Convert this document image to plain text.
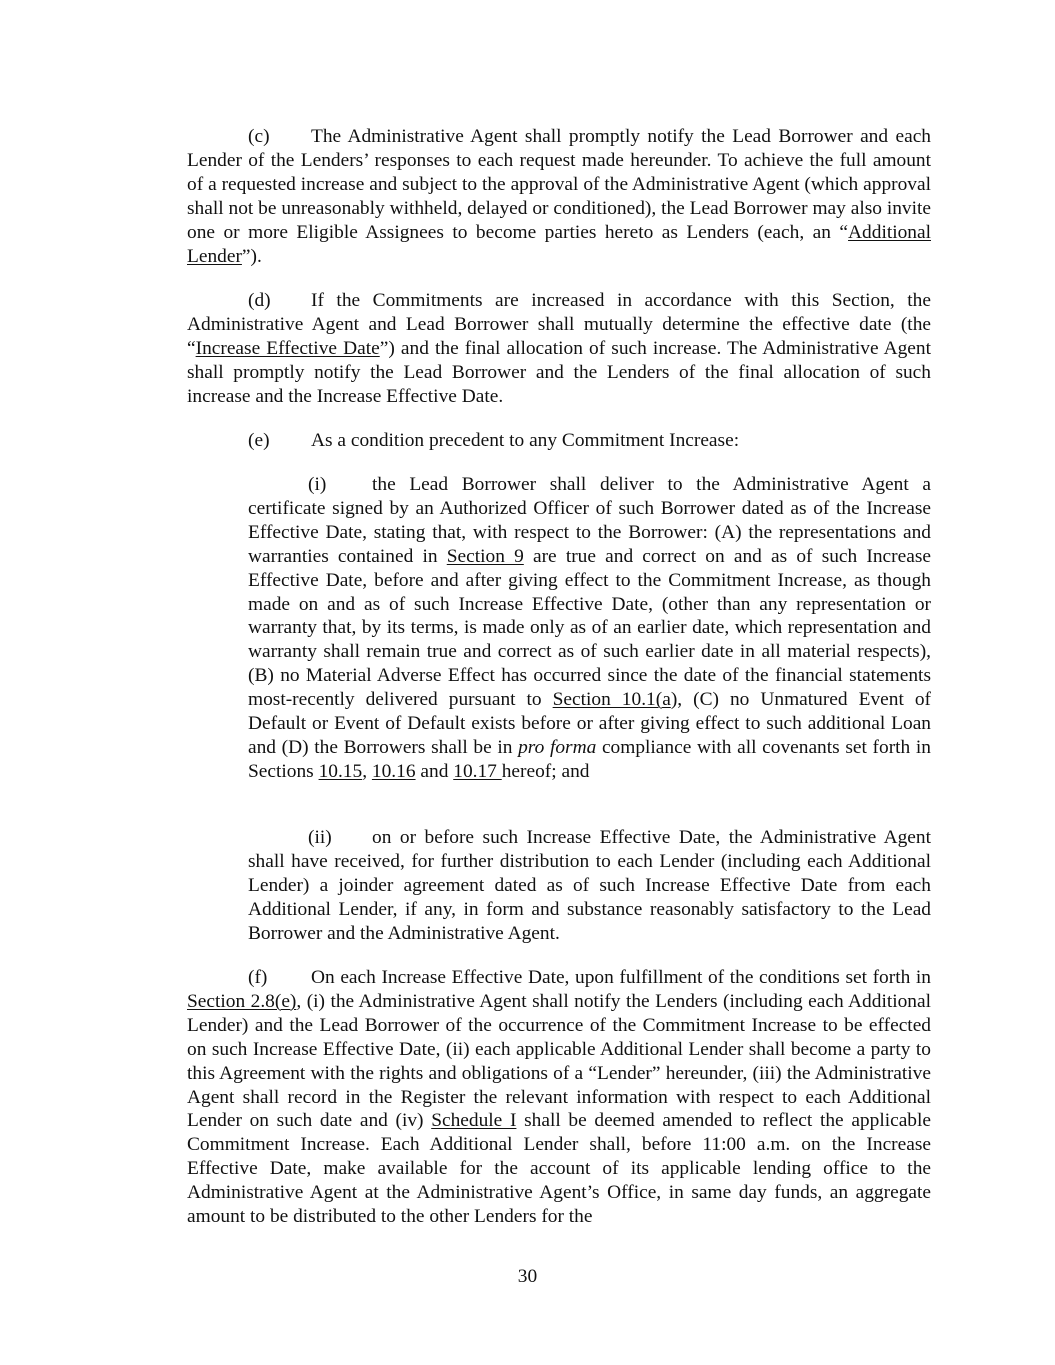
(c) The Administrative Agent shall promptly notify the Lead Borrower and each Lender of the Lenders’ responses to each request made hereunder. To achieve the full amount of a requested increase and subject to the approval of the Administrative Agent (which approval shall not be unreasonably withheld, delayed or conditioned), the Lead Borrower may also invite one or more Eligible Assignees to become parties hereto as Lenders (each, an “Additional Lender”).

(d) If the Commitments are increased in accordance with this Section, the Administrative Agent and Lead Borrower shall mutually determine the effective date (the “Increase Effective Date”) and the final allocation of such increase. The Administrative Agent shall promptly notify the Lead Borrower and the Lenders of the final allocation of such increase and the Increase Effective Date.

(e) As a condition precedent to any Commitment Increase:

(i) the Lead Borrower shall deliver to the Administrative Agent a certificate signed by an Authorized Officer of such Borrower dated as of the Increase Effective Date, stating that, with respect to the Borrower: (A) the representations and warranties contained in Section 9 are true and correct on and as of such Increase Effective Date, before and after giving effect to the Commitment Increase, as though made on and as of such Increase Effective Date, (other than any representation or warranty that, by its terms, is made only as of an earlier date, which representation and warranty shall remain true and correct as of such earlier date in all material respects), (B) no Material Adverse Effect has occurred since the date of the financial statements most-recently delivered pursuant to Section 10.1(a), (C) no Unmatured Event of Default or Event of Default exists before or after giving effect to such additional Loan and (D) the Borrowers shall be in pro forma compliance with all covenants set forth in Sections 10.15, 10.16 and 10.17 hereof; and

(ii) on or before such Increase Effective Date, the Administrative Agent shall have received, for further distribution to each Lender (including each Additional Lender) a joinder agreement dated as of such Increase Effective Date from each Additional Lender, if any, in form and substance reasonably satisfactory to the Lead Borrower and the Administrative Agent.

(f) On each Increase Effective Date, upon fulfillment of the conditions set forth in Section 2.8(e), (i) the Administrative Agent shall notify the Lenders (including each Additional Lender) and the Lead Borrower of the occurrence of the Commitment Increase to be effected on such Increase Effective Date, (ii) each applicable Additional Lender shall become a party to this Agreement with the rights and obligations of a “Lender” hereunder, (iii) the Administrative Agent shall record in the Register the relevant information with respect to each Additional Lender on such date and (iv) Schedule I shall be deemed amended to reflect the applicable Commitment Increase. Each Additional Lender shall, before 11:00 a.m. on the Increase Effective Date, make available for the account of its applicable lending office to the Administrative Agent at the Administrative Agent’s Office, in same day funds, an aggregate amount to be distributed to the other Lenders for the

30
